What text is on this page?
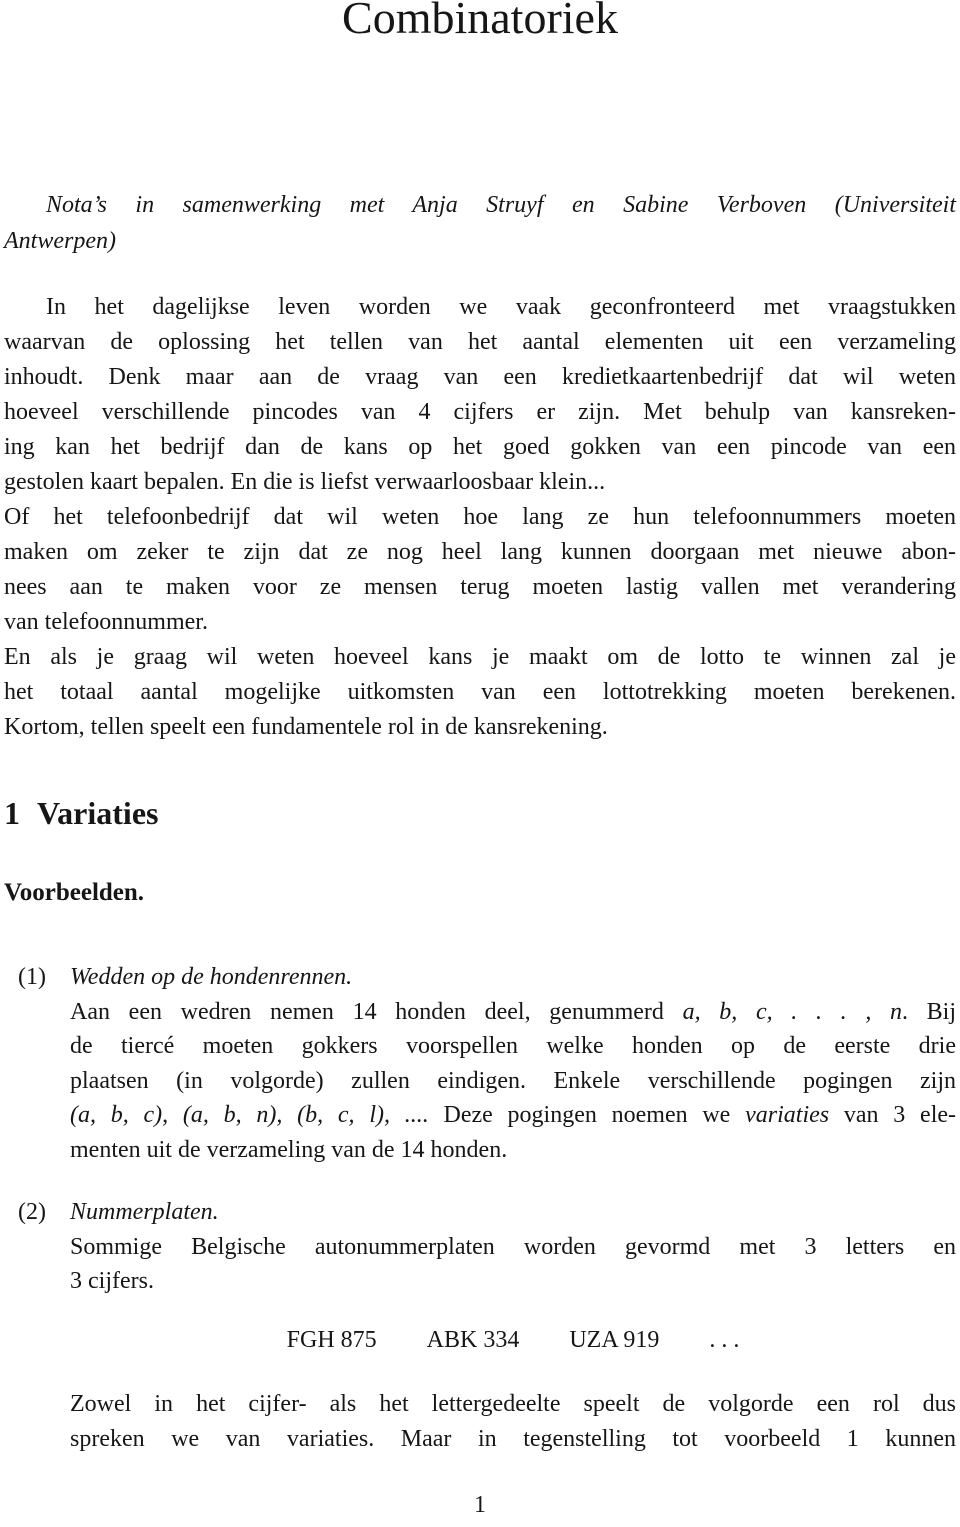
Combinatoriek
Nota’s in samenwerking met Anja Struyf en Sabine Verboven (Universiteit
Antwerpen)
In het dagelijkse leven worden we vaak geconfronteerd met vraagstukken
waarvan de oplossing het tellen van het aantal elementen uit een verzameling
inhoudt. Denk maar aan de vraag van een kredietkaartenbedrijf dat wil weten
hoeveel verschillende pincodes van 4 cijfers er zijn. Met behulp van kansreken-
ing kan het bedrijf dan de kans op het goed gokken van een pincode van een
gestolen kaart bepalen. En die is liefst verwaarloosbaar klein...
Of het telefoonbedrijf dat wil weten hoe lang ze hun telefoonnummers moeten
maken om zeker te zijn dat ze nog heel lang kunnen doorgaan met nieuwe abon-
nees aan te maken voor ze mensen terug moeten lastig vallen met verandering
van telefoonnummer.
En als je graag wil weten hoeveel kans je maakt om de lotto te winnen zal je
het totaal aantal mogelijke uitkomsten van een lottotrekking moeten berekenen.
Kortom, tellen speelt een fundamentele rol in de kansrekening.
1 Variaties
Voorbeelden.
(1) Wedden op de hondenrennen.
Aan een wedren nemen 14 honden deel, genummerd a, b, c, . . . , n. Bij
de tiercé moeten gokkers voorspellen welke honden op de eerste drie
plaatsen (in volgorde) zullen eindigen. Enkele verschillende pogingen zijn
(a, b, c), (a, b, n), (b, c, l), .... Deze pogingen noemen we variaties van 3 ele-
menten uit de verzameling van de 14 honden.
(2) Nummerplaten.
Sommige Belgische autonummerplaten worden gevormd met 3 letters en
3 cijfers.
FGH 875 ABK 334 UZA 919 . . .
Zowel in het cijfer- als het lettergedeelte speelt de volgorde een rol dus
spreken we van variaties. Maar in tegenstelling tot voorbeeld 1 kunnen
1
